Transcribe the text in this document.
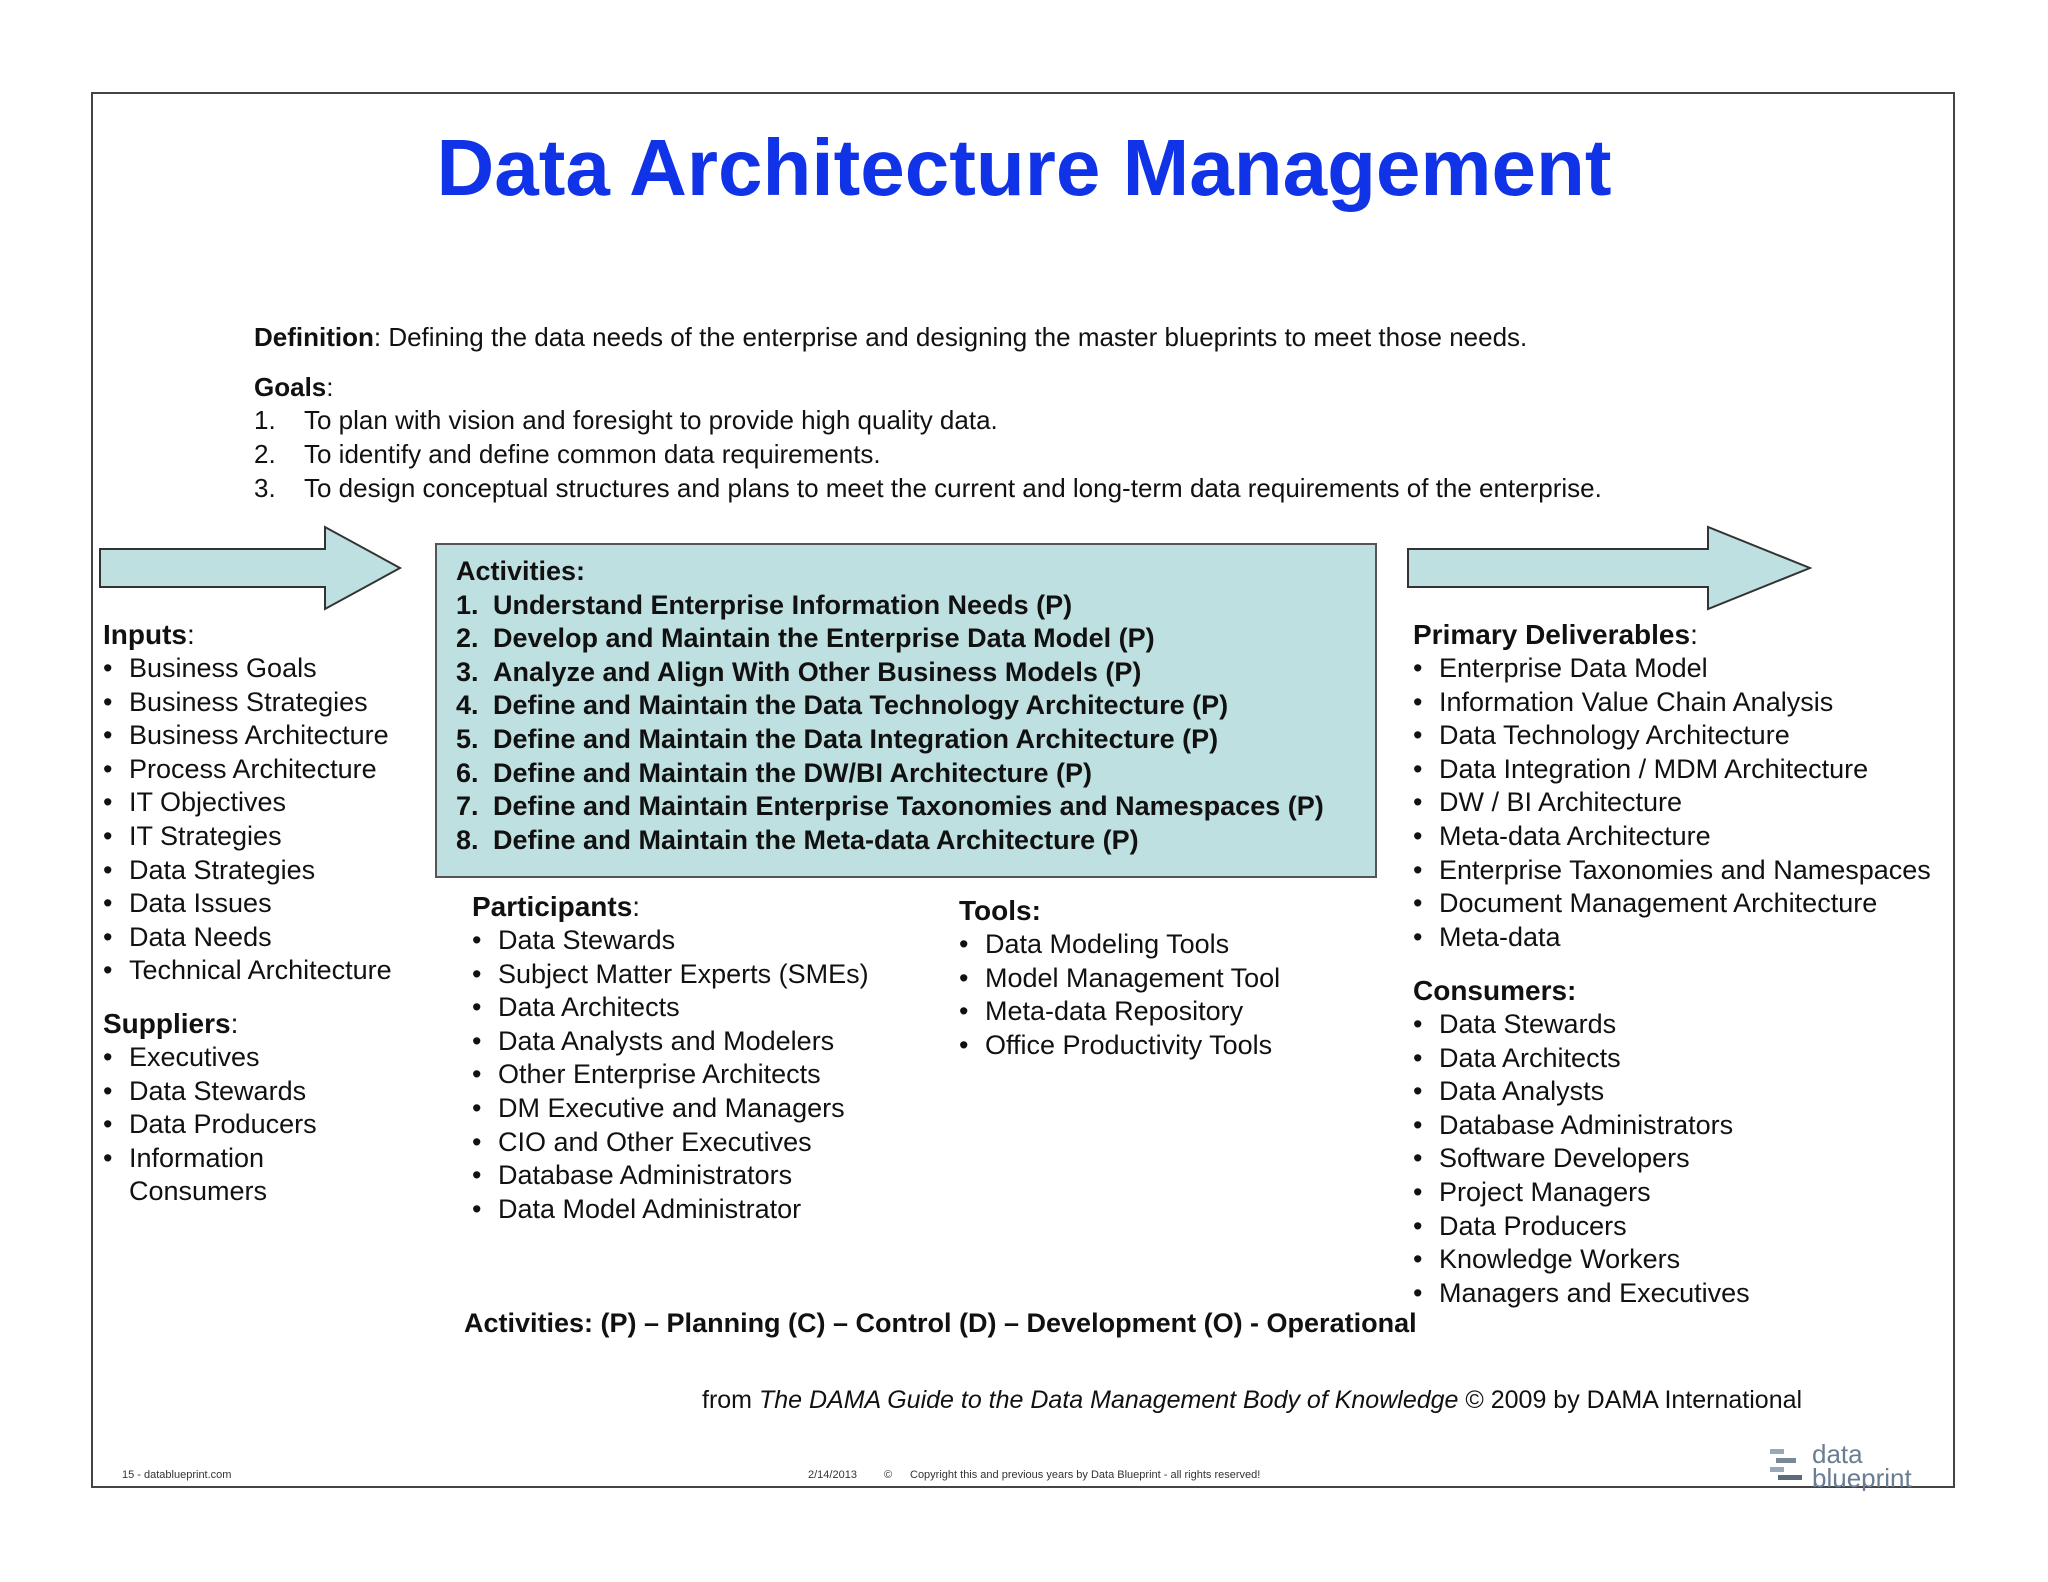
Data Architecture Management
Definition: Defining the data needs of the enterprise and designing the master blueprints to meet those needs.
Goals:
1. To plan with vision and foresight to provide high quality data.
2. To identify and define common data requirements.
3. To design conceptual structures and plans to meet the current and long-term data requirements of the enterprise.
Activities:
1. Understand Enterprise Information Needs (P)
2. Develop and Maintain the Enterprise Data Model (P)
3. Analyze and Align With Other Business Models (P)
4. Define and Maintain the Data Technology Architecture (P)
5. Define and Maintain the Data Integration Architecture (P)
6. Define and Maintain the DW/BI Architecture (P)
7. Define and Maintain Enterprise Taxonomies and Namespaces (P)
8. Define and Maintain the Meta-data Architecture (P)
Inputs:
• Business Goals
• Business Strategies
• Business Architecture
• Process Architecture
• IT Objectives
• IT Strategies
• Data Strategies
• Data Issues
• Data Needs
• Technical Architecture
Suppliers:
• Executives
• Data Stewards
• Data Producers
• Information Consumers
Participants:
• Data Stewards
• Subject Matter Experts (SMEs)
• Data Architects
• Data Analysts and Modelers
• Other Enterprise Architects
• DM Executive and Managers
• CIO and Other Executives
• Database Administrators
• Data Model Administrator
Tools:
• Data Modeling Tools
• Model Management Tool
• Meta-data Repository
• Office Productivity Tools
Primary Deliverables:
• Enterprise Data Model
• Information Value Chain Analysis
• Data Technology Architecture
• Data Integration / MDM Architecture
• DW / BI Architecture
• Meta-data Architecture
• Enterprise Taxonomies and Namespaces
• Document Management Architecture
• Meta-data
Consumers:
• Data Stewards
• Data Architects
• Data Analysts
• Database Administrators
• Software Developers
• Project Managers
• Data Producers
• Knowledge Workers
• Managers and Executives
Activities: (P) – Planning (C) – Control (D) – Development (O) - Operational
from The DAMA Guide to the Data Management Body of Knowledge © 2009 by DAMA International
15 - datablueprint.com	2/14/2013 © Copyright this and previous years by Data Blueprint - all rights reserved!
data
blueprint
